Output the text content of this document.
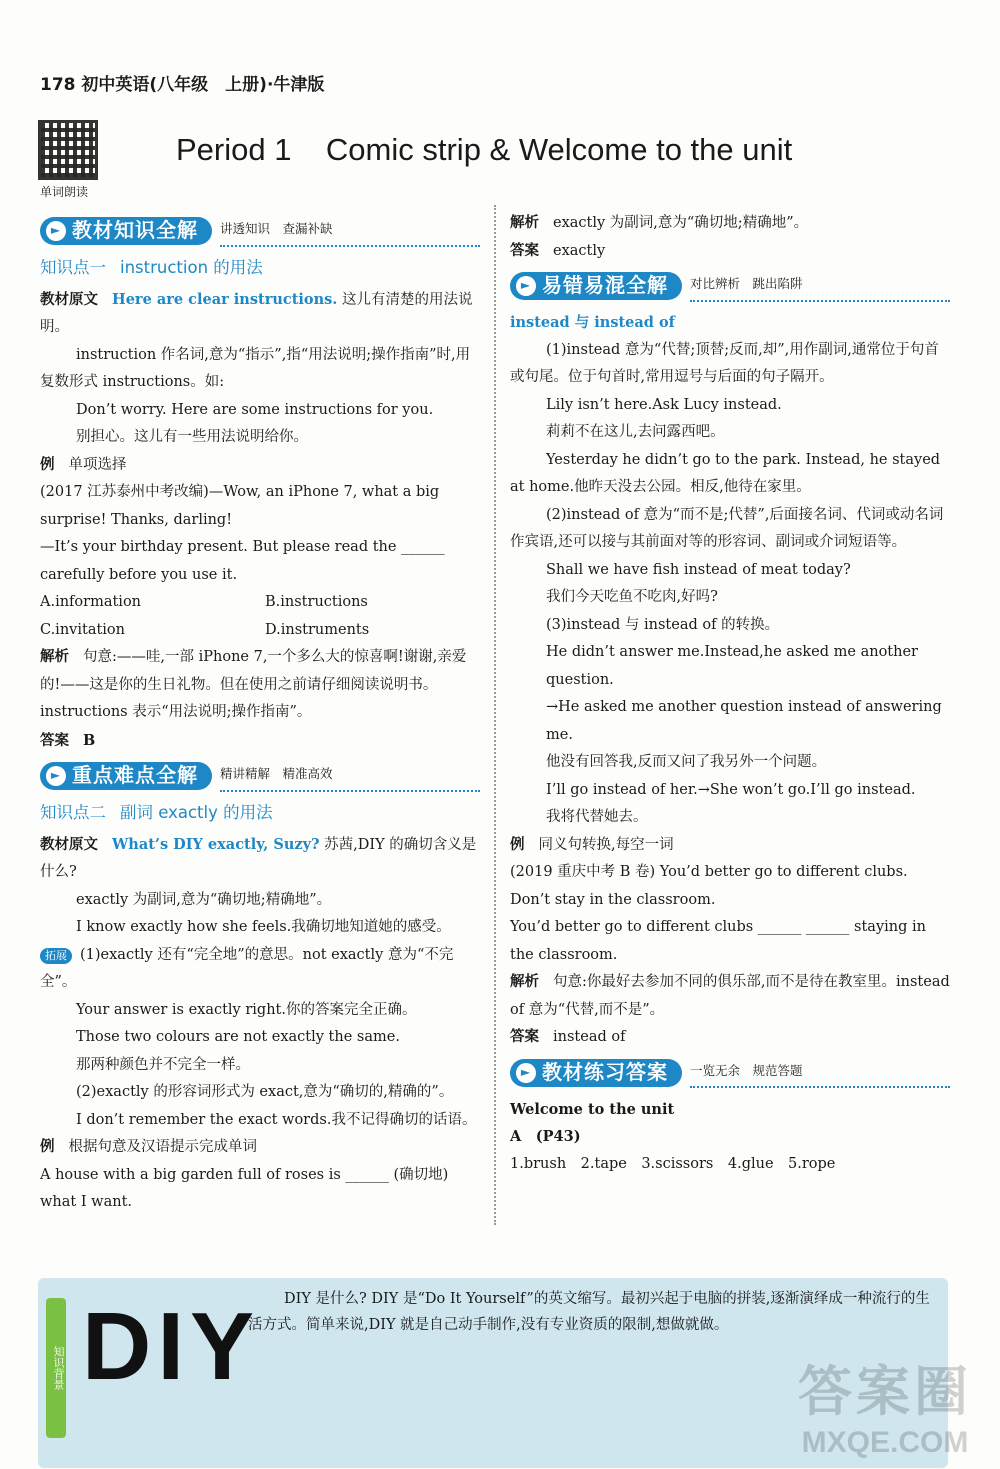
178 初中英语(八年级　上册)·牛津版
单词朗读
Period 1    Comic strip & Welcome to the unit
► 教材知识全解 讲透知识　查漏补缺
知识点一 instruction 的用法
教材原文 Here are clear instructions. 这儿有清楚的用法说明。
instruction 作名词,意为“指示”,指“用法说明;操作指南”时,用复数形式 instructions。如:
Don’t worry. Here are some instructions for you.
别担心。这儿有一些用法说明给你。
例 单项选择
(2017 江苏泰州中考改编)—Wow, an iPhone 7, what a big surprise! Thanks, darling!
—It’s your birthday present. But please read the ______ carefully before you use it.
A.information	B.instructions
C.invitation	D.instruments
解析 句意:——哇,一部 iPhone 7,一个多么大的惊喜啊!谢谢,亲爱的!——这是你的生日礼物。但在使用之前请仔细阅读说明书。instructions 表示“用法说明;操作指南”。
答案 B
► 重点难点全解 精讲精解　精准高效
知识点二 副词 exactly 的用法
教材原文 What’s DIY exactly, Suzy? 苏茜,DIY 的确切含义是什么?
exactly 为副词,意为“确切地;精确地”。
I know exactly how she feels.我确切地知道她的感受。
拓展 (1)exactly 还有“完全地”的意思。not exactly 意为“不完全”。
Your answer is exactly right.你的答案完全正确。
Those two colours are not exactly the same.
那两种颜色并不完全一样。
(2)exactly 的形容词形式为 exact,意为“确切的,精确的”。
I don’t remember the exact words.我不记得确切的话语。
例 根据句意及汉语提示完成单词
A house with a big garden full of roses is ______ (确切地) what I want.
解析 exactly 为副词,意为“确切地;精确地”。
答案 exactly
► 易错易混全解 对比辨析　跳出陷阱
instead 与 instead of
(1)instead 意为“代替;顶替;反而,却”,用作副词,通常位于句首或句尾。位于句首时,常用逗号与后面的句子隔开。
Lily isn’t here.Ask Lucy instead.
莉莉不在这儿,去问露西吧。
Yesterday he didn’t go to the park. Instead, he stayed at home.他昨天没去公园。相反,他待在家里。
(2)instead of 意为“而不是;代替”,后面接名词、代词或动名词作宾语,还可以接与其前面对等的形容词、副词或介词短语等。
Shall we have fish instead of meat today?
我们今天吃鱼不吃肉,好吗?
(3)instead 与 instead of 的转换。
He didn’t answer me.Instead,he asked me another question.
→He asked me another question instead of answering me.
他没有回答我,反而又问了我另外一个问题。
I’ll go instead of her.→She won’t go.I’ll go instead.
我将代替她去。
例 同义句转换,每空一词
(2019 重庆中考 B 卷) You’d better go to different clubs. Don’t stay in the classroom.
You’d better go to different clubs ______ ______ staying in the classroom.
解析 句意:你最好去参加不同的俱乐部,而不是待在教室里。instead of 意为“代替,而不是”。
答案 instead of
► 教材练习答案 一览无余　规范答题
Welcome to the unit
A　(P43)
1.brush　2.tape　3.scissors　4.glue　5.rope
知识背景 DIY	DIY 是什么? DIY 是“Do It Yourself”的英文缩写。最初兴起于电脑的拼装,逐渐演绎成一种流行的生活方式。简单来说,DIY 就是自己动手制作,没有专业资质的限制,想做就做。
答案圈
MXQE.COM
